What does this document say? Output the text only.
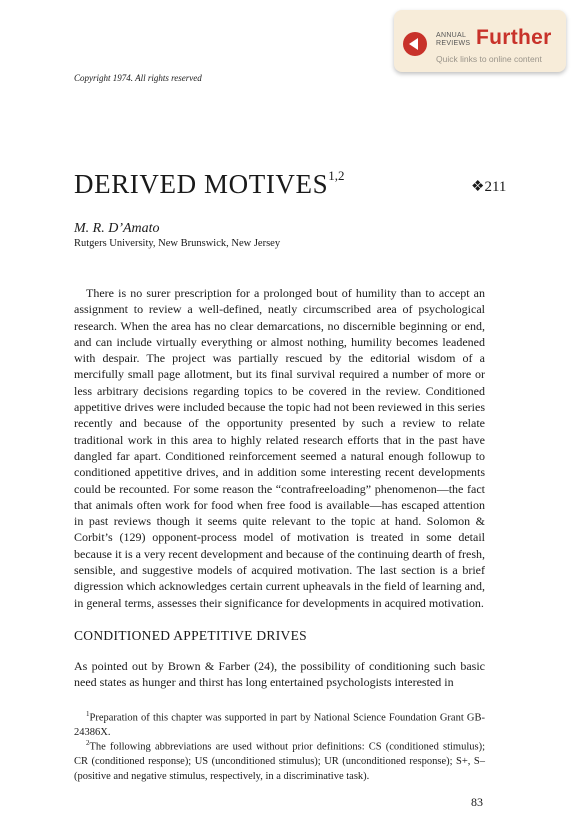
ANNUAL
REVIEWS Further
Quick links to online content
Copyright 1974. All rights reserved
DERIVED MOTIVES$^{1,2}$
❖211
M. R. D’Amato
Rutgers University, New Brunswick, New Jersey

There is no surer prescription for a prolonged bout of humility than to accept an assignment to review a well-defined, neatly circumscribed area of psychological research. When the area has no clear demarcations, no discernible beginning or end, and can include virtually everything or almost nothing, humility becomes leadened with despair. The project was partially rescued by the editorial wisdom of a mercifully small page allotment, but its final survival required a number of more or less arbitrary decisions regarding topics to be covered in the review. Conditioned appetitive drives were included because the topic had not been reviewed in this series recently and because of the opportunity presented by such a review to relate traditional work in this area to highly related research efforts that in the past have dangled far apart. Conditioned reinforcement seemed a natural enough followup to conditioned appetitive drives, and in addition some interesting recent developments could be recounted. For some reason the “contrafreeloading” phenomenon—the fact that animals often work for food when free food is available—has escaped attention in past reviews though it seems quite relevant to the topic at hand. Solomon & Corbit’s (129) opponent-process model of motivation is treated in some detail because it is a very recent development and because of the continuing dearth of fresh, sensible, and suggestive models of acquired motivation. The last section is a brief digression which acknowledges certain current upheavals in the field of learning and, in general terms, assesses their significance for developments in acquired motivation.

CONDITIONED APPETITIVE DRIVES

As pointed out by Brown & Farber (24), the possibility of conditioning such basic need states as hunger and thirst has long entertained psychologists interested in

$^1$Preparation of this chapter was supported in part by National Science Foundation Grant GB-24386X.

$^2$The following abbreviations are used without prior definitions: CS (conditioned stimulus); CR (conditioned response); US (unconditioned stimulus); UR (unconditioned response); S+, S– (positive and negative stimulus, respectively, in a discriminative task).

83
